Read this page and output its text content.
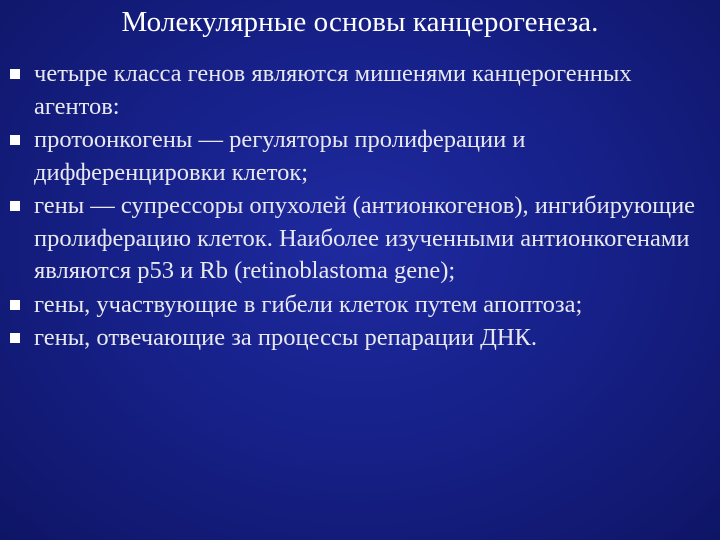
Молекулярные основы канцерогенеза.

четыре класса генов являются мишенями канцерогенных агентов:

протоонкогены — регуляторы пролиферации и дифференцировки клеток;

гены — супрессоры опухолей (антионкогенов), ингибирующие пролиферацию клеток. Наиболее изученными антионкогенами являются p53 и Rb (retinoblastoma gene);

гены, участвующие в гибели клеток путем апоптоза;

гены, отвечающие за процессы репарации ДНК.
